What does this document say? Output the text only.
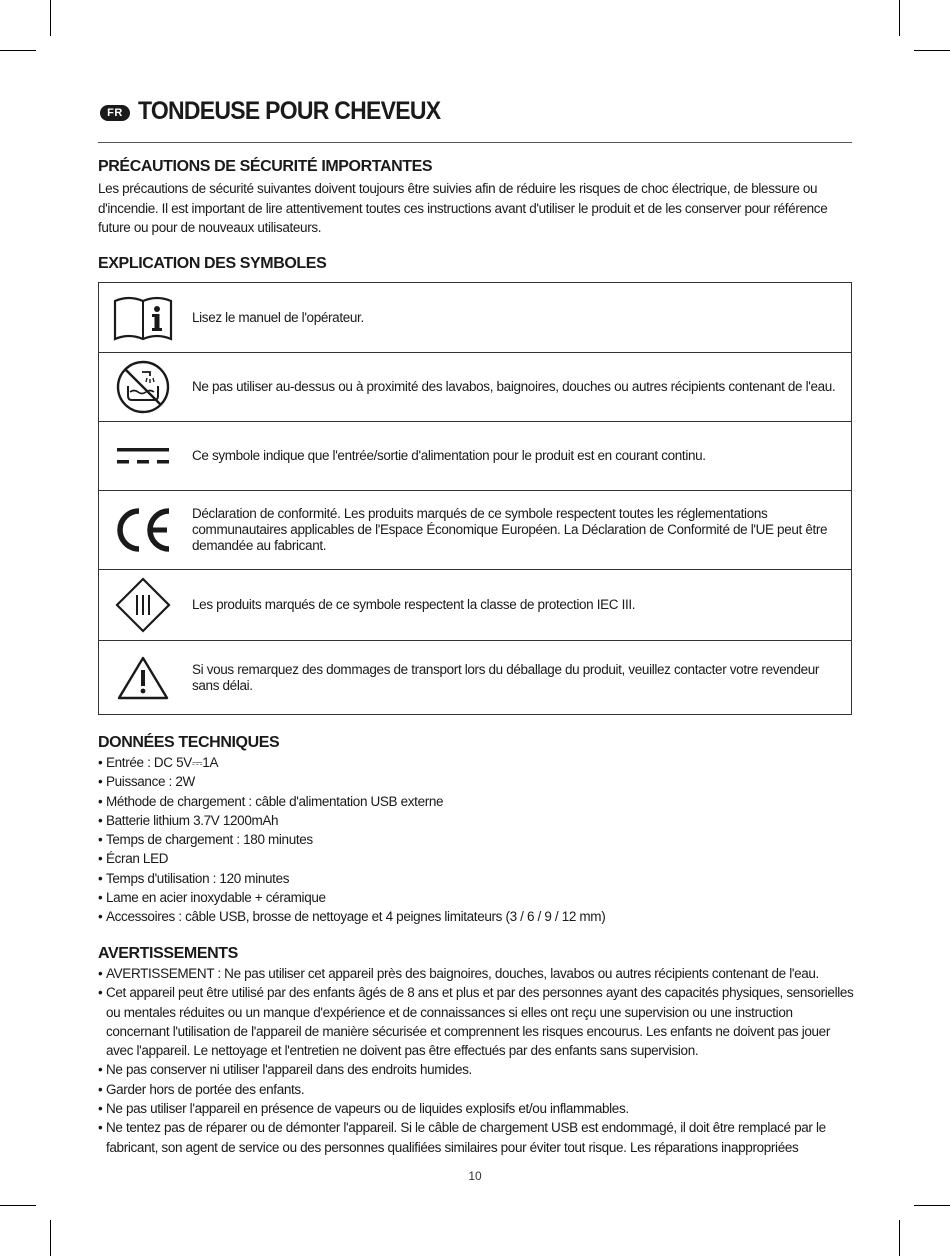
FR TONDEUSE POUR CHEVEUX
PRÉCAUTIONS DE SÉCURITÉ IMPORTANTES
Les précautions de sécurité suivantes doivent toujours être suivies afin de réduire les risques de choc électrique, de blessure ou d'incendie. Il est important de lire attentivement toutes ces instructions avant d'utiliser le produit et de les conserver pour référence future ou pour de nouveaux utilisateurs.
EXPLICATION DES SYMBOLES
Lisez le manuel de l'opérateur.
Ne pas utiliser au-dessus ou à proximité des lavabos, baignoires, douches ou autres récipients contenant de l'eau.
Ce symbole indique que l'entrée/sortie d'alimentation pour le produit est en courant continu.
Déclaration de conformité. Les produits marqués de ce symbole respectent toutes les réglementations communautaires applicables de l'Espace Économique Européen. La Déclaration de Conformité de l'UE peut être demandée au fabricant.
Les produits marqués de ce symbole respectent la classe de protection IEC III.
Si vous remarquez des dommages de transport lors du déballage du produit, veuillez contacter votre revendeur sans délai.
DONNÉES TECHNIQUES
• Entrée : DC 5V⎓1A
• Puissance : 2W
• Méthode de chargement : câble d'alimentation USB externe
• Batterie lithium 3.7V 1200mAh
• Temps de chargement : 180 minutes
• Écran LED
• Temps d'utilisation : 120 minutes
• Lame en acier inoxydable + céramique
• Accessoires : câble USB, brosse de nettoyage et 4 peignes limitateurs (3 / 6 / 9 / 12 mm)
AVERTISSEMENTS
• AVERTISSEMENT : Ne pas utiliser cet appareil près des baignoires, douches, lavabos ou autres récipients contenant de l'eau.
• Cet appareil peut être utilisé par des enfants âgés de 8 ans et plus et par des personnes ayant des capacités physiques, sensorielles ou mentales réduites ou un manque d'expérience et de connaissances si elles ont reçu une supervision ou une instruction concernant l'utilisation de l'appareil de manière sécurisée et comprennent les risques encourus. Les enfants ne doivent pas jouer avec l'appareil. Le nettoyage et l'entretien ne doivent pas être effectués par des enfants sans supervision.
• Ne pas conserver ni utiliser l'appareil dans des endroits humides.
• Garder hors de portée des enfants.
• Ne pas utiliser l'appareil en présence de vapeurs ou de liquides explosifs et/ou inflammables.
• Ne tentez pas de réparer ou de démonter l'appareil. Si le câble de chargement USB est endommagé, il doit être remplacé par le fabricant, son agent de service ou des personnes qualifiées similaires pour éviter tout risque. Les réparations inappropriées
10
